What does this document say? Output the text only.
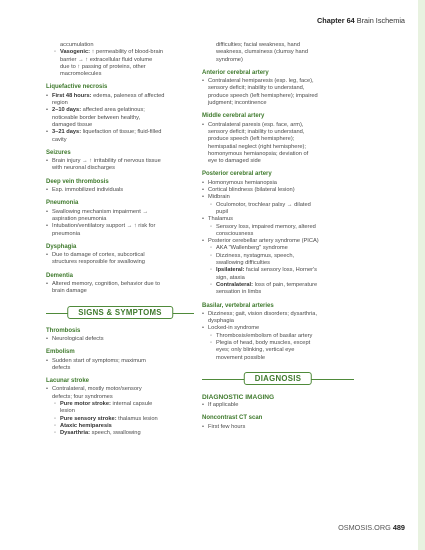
Chapter 64 Brain Ischemia
accumulation
◦ Vasogenic: ↑ permeability of blood-brain
barrier → ↑ extracellular fluid volume
due to ↑ passing of proteins, other
macromolecules
Liquefactive necrosis
• First 48 hours: edema, paleness of affected
region
• 2–10 days: affected area gelatinous;
noticeable border between healthy,
damaged tissue
• 3–21 days: liquefaction of tissue; fluid-filled
cavity
Seizures
• Brain injury → ↑ irritability of nervous tissue
with neuronal discharges
Deep vein thrombosis
• Esp. immobilized individuals
Pneumonia
• Swallowing mechanism impairment →
aspiration pneumonia
• Intubation/ventilatory support → ↑ risk for
pneumonia
Dysphagia
• Due to damage of cortex, subcortical
structures responsible for swallowing
Dementia
• Altered memory, cognition, behavior due to
brain damage
SIGNS & SYMPTOMS
Thrombosis
• Neurological defects
Embolism
• Sudden start of symptoms; maximum
defects
Lacunar stroke
• Contralateral, mostly motor/sensory
defects; four syndromes
◦ Pure motor stroke: internal capsule
lesion
◦ Pure sensory stroke: thalamus lesion
◦ Ataxic hemiparesis
◦ Dysarthria: speech, swallowing
difficulties; facial weakness, hand
weakness, clumsiness (clumsy hand
syndrome)
Anterior cerebral artery
• Contralateral hemiparesis (esp. leg, face),
sensory deficit; inability to understand,
produce speech (left hemisphere); impaired
judgment; incontinence
Middle cerebral artery
• Contralateral paresis (esp. face, arm),
sensory deficit; inability to understand,
produce speech (left hemisphere);
hemispatial neglect (right hemisphere);
homonymous hemianopsia; deviation of
eye to damaged side
Posterior cerebral artery
• Homonymous hemianopsia
• Cortical blindness (bilateral lesion)
• Midbrain
◦ Oculomotor, trochlear palsy → dilated
pupil
• Thalamus
◦ Sensory loss, impaired memory, altered
consciousness
• Posterior cerebellar artery syndrome (PICA)
◦ AKA "Wallenberg" syndrome
◦ Dizziness, nystagmus, speech,
swallowing difficulties
◦ Ipsilateral: facial sensory loss, Horner's
sign, ataxia
◦ Contralateral: loss of pain, temperature
sensation in limbs
Basilar, vertebral arteries
• Dizziness; gait, vision disorders; dysarthria,
dysphagia
• Locked-in syndrome
◦ Thrombosis/embolism of basilar artery
◦ Plegia of head, body muscles, except
eyes; only blinking, vertical eye
movement possible
DIAGNOSIS
DIAGNOSTIC IMAGING
• If applicable
Noncontrast CT scan
• First few hours
OSMOSIS.ORG 489
